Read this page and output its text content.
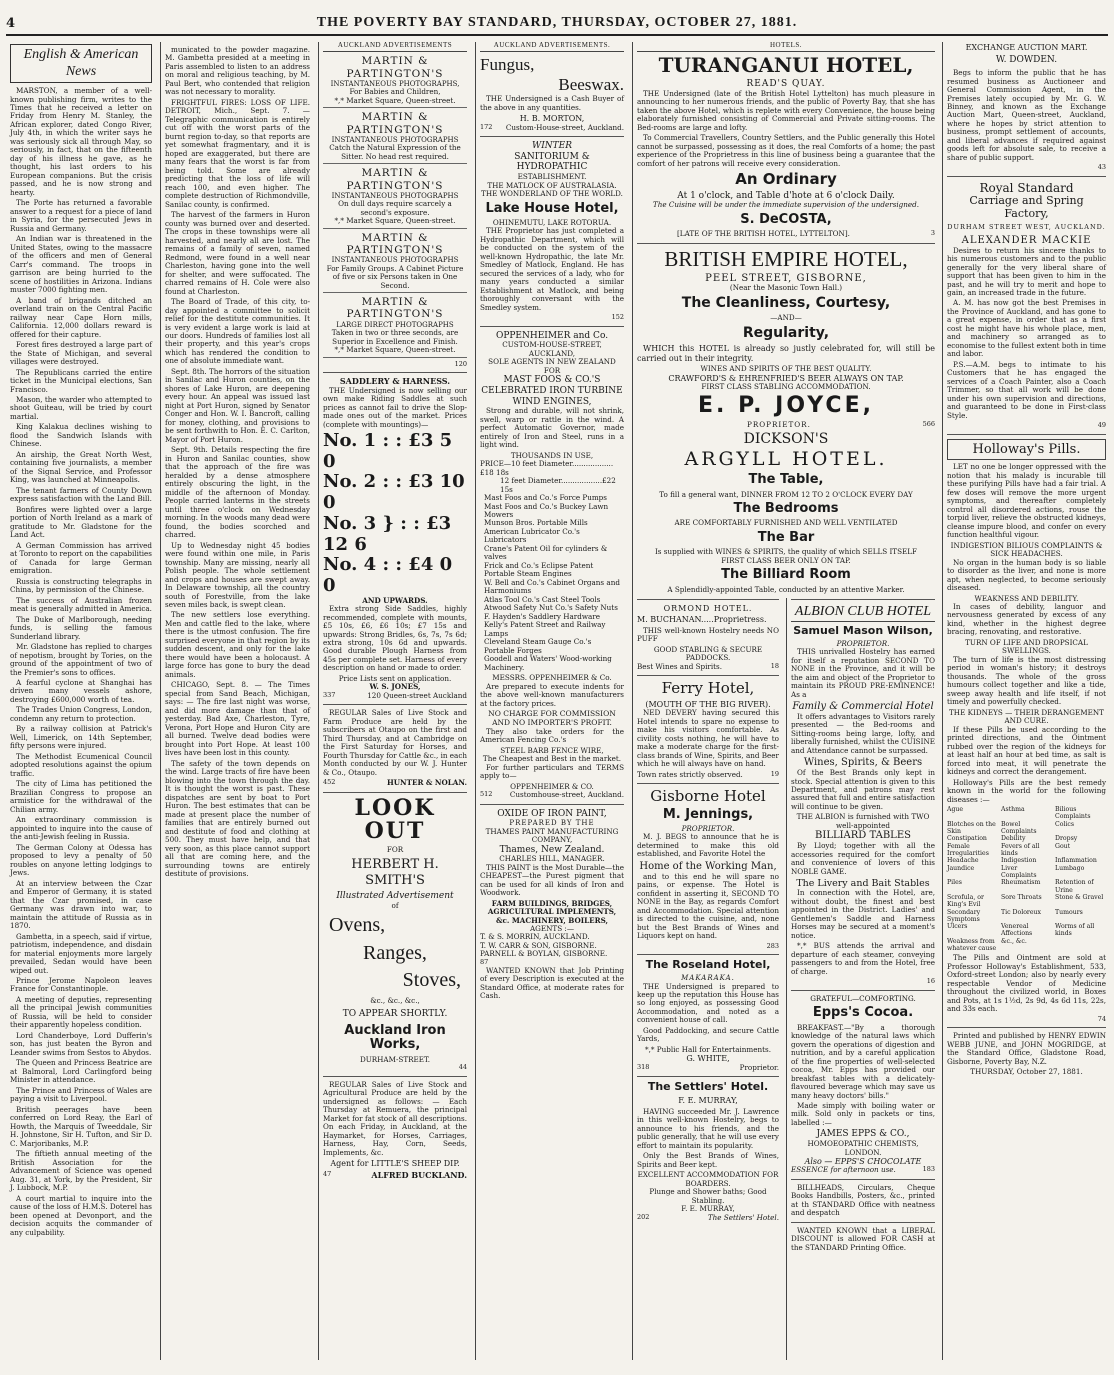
4	THE POVERTY BAY STANDARD, THURSDAY, OCTOBER 27, 1881.
English & American News

MARSTON, a member of a well-known publishing firm, writes to the Times that he received a letter on Friday from Henry M. Stanley, the African explorer, dated Congo River, July 4th, in which the writer says he was seriously sick all through May, so seriously, in fact, that on the fifteenth day of his illness he gave, as he thought, his last orders to his European companions. But the crisis passed, and he is now strong and hearty.

The Porte has returned a favorable answer to a request for a piece of land in Syria, for the persecuted Jews in Russia and Germany.

An Indian war is threatened in the United States, owing to the massacre of the officers and men of General Carr's command. The troops in garrison are being hurried to the scene of hostilities in Arizona. Indians muster 7000 fighting men.

A band of brigands ditched an overland train on the Central Pacific railway near Cape Horn mills, California. 12,000 dollars reward is offered for their capture.

Forest fires destroyed a large part of the State of Michigan, and several villages were destroyed.

The Republicans carried the entire ticket in the Municipal elections, San Francisco.

Mason, the warder who attempted to shoot Guiteau, will be tried by court martial.

King Kalakua declines wishing to flood the Sandwich Islands with Chinese.

An airship, the Great North West, containing five journalists, a member of the Signal Service, and Professor King, was launched at Minneapolis.

The tenant farmers of County Down express satisfaction with the Land Bill.

Bonfires were lighted over a large portion of North Ireland as a mark of gratitude to Mr. Gladstone for the Land Act.

A German Commission has arrived at Toronto to report on the capabilities of Canada for large German emigration.

Russia is constructing telegraphs in China, by permission of the Chinese.

The success of Australian frozen meat is generally admitted in America.

The Duke of Marlborough, needing funds, is selling the famous Sunderland library.

Mr. Gladstone has replied to charges of nepotism, brought by Tories, on the ground of the appointment of two of the Premier's sons to offices.

A fearful cyclone at Shanghai has driven many vessels ashore, destroying £600,000 worth of tea.

The Trades Union Congress, London, condemn any return to protection.

By a railway collision at Patrick's Well, Limerick, on 14th September, fifty persons were injured.

The Methodist Ecumenical Council adopted resolutions against the opium traffic.

The city of Lima has petitioned the Brazilian Congress to propose an armistice for the withdrawal of the Chilian army.

An extraordinary commission is appointed to inquire into the cause of the anti-Jewish feeling in Russia.

The German Colony at Odessa has proposed to levy a penalty of 50 roubles on anyone letting lodgings to Jews.

At an interview between the Czar and Emperor of Germany, it is stated that the Czar promised, in case Germany was drawn into war, to maintain the attitude of Russia as in 1870.

Gambetta, in a speech, said if virtue, patriotism, independence, and disdain for material enjoyments more largely prevailed, Sedan would have been wiped out.

Prince Jerome Napoleon leaves France for Constantinople.

A meeting of deputies, representing all the principal Jewish communities of Russia, will be held to consider their apparently hopeless condition.

Lord Chanderboye, Lord Dufferin's son, has just beaten the Byron and Leander swims from Sestos to Abydos.

The Queen and Princess Beatrice are at Balmoral, Lord Carlingford being Minister in attendance.

The Prince and Princess of Wales are paying a visit to Liverpool.

British peerages have been conferred on Lord Reay, the Earl of Howth, the Marquis of Tweeddale, Sir H. Johnstone, Sir H. Tufton, and Sir D. C. Marjoribanks, M.P.

The fiftieth annual meeting of the British Association for the Advancement of Science was opened Aug. 31, at York, by the President, Sir J. Lubbock, M.P.

A court martial to inquire into the cause of the loss of H.M.S. Doterel has been opened at Devonport, and the decision acquits the commander of any culpability.

municated to the powder magazine. M. Gambetta presided at a meeting in Paris assembled to listen to an address on moral and religious teaching, by M. Paul Bert, who contended that religion was not necessary to morality.

FRIGHTFUL FIRES: LOSS OF LIFE. DETROIT, Mich., Sept. 7. — Telegraphic communication is entirely cut off with the worst parts of the burnt region to-day, so that reports are yet somewhat fragmentary, and it is hoped are exaggerated, but there are many fears that the worst is far from being told. Some are already predicting that the loss of life will reach 100, and even higher. The complete destruction of Richmondville, Sanilac county, is confirmed.

The harvest of the farmers in Huron county was burned over and deserted. The crops in these townships were all harvested, and nearly all are lost. The remains of a family of seven, named Redmond, were found in a well near Charleston, having gone into the well for shelter, and were suffocated. The charred remains of H. Cole were also found at Charleston.

The Board of Trade, of this city, to-day appointed a committee to solicit relief for the destitute communities. It is very evident a large work is laid at our doors. Hundreds of families lost all their property, and this year's crops which has rendered the condition to one of absolute immediate want.

Sept. 8th. The horrors of the situation in Sanilac and Huron counties, on the shores of Lake Huron, are deepening every hour. An appeal was issued last night at Port Huron, signed by Senator Conger and Hon. W. I. Bancroft, calling for money, clothing, and provisions to be sent forthwith to Hon. E. C. Carlton, Mayor of Port Huron.

Sept. 9th. Details respecting the fire in Huron and Sanilac counties, show that the approach of the fire was heralded by a dense atmosphere entirely obscuring the light, in the middle of the afternoon of Monday. People carried lanterns in the streets until three o'clock on Wednesday morning. In the woods many dead were found, the bodies scorched and charred.

Up to Wednesday night 45 bodies were found within one mile, in Paris township. Many are missing, nearly all Polish people. The whole settlement and crops and houses are swept away. In Delaware township, all the country south of Forestville, from the lake seven miles back, is swept clean.

The new settlers lose everything. Men and cattle fled to the lake, where there is the utmost confusion. The fire surprised everyone in that region by its sudden descent, and only for the lake there would have been a holocaust. A large force has gone to bury the dead animals.

CHICAGO, Sept. 8. — The Times special from Sand Beach, Michigan, says: — The fire last night was worse, and did more damage than that of yesterday. Bad Axe, Charleston, Tyre, Verona, Port Hope and Huron City are all burned. Twelve dead bodies were brought into Port Hope. At least 100 lives have been lost in this county.

The safety of the town depends on the wind. Large tracts of fire have been blowing into the town through the day. It is thought the worst is past. These dispatches are sent by boat to Port Huron. The best estimates that can be made at present place the number of families that are entirely burned out and destitute of food and clothing at 500. They must have help, and that very soon, as this place cannot support all that are coming here, and the surrounding towns are entirely destitute of provisions.

AUCKLAND ADVERTISEMENTS
MARTIN & PARTINGTON'S
INSTANTANEOUS PHOTOGRAPHS,
For Babies and Children,
*,* Market Square, Queen-street.
MARTIN & PARTINGTON'S
INSTANTANEOUS PHOTOGRAPHS
Catch the Natural Expression of the Sitter. No head rest required.
MARTIN & PARTINGTON'S
INSTANTANEOUS PHOTOGRAPHS
On dull days require scarcely a second's exposure.
*,* Market Square, Queen-street.
MARTIN & PARTINGTON'S
INSTANTANEOUS PHOTOGRAPHS
For Family Groups. A Cabinet Picture of five or six Persons taken in One Second.
MARTIN & PARTINGTON'S
LARGE DIRECT PHOTOGRAPHS
Taken in two or three seconds, are Superior in Excellence and Finish.
*,* Market Square, Queen-street.
120
SADDLERY & HARNESS.

THE Undersigned is now selling our own make Riding Saddles at such prices as cannot fail to drive the Slop-made ones out of the market. Prices (complete with mountings)—

No. 1 : : £3 5 0
No. 2 : : £3 10 0
No. 3 } : : £3 12 6
No. 4 : : £4 0 0
AND UPWARDS.

Extra strong Side Saddles, highly recommended, complete with mounts, £5 10s, £6, £6 10s; £7 15s and upwards: Strong Bridles, 6s, 7s, 7s 6d; extra strong, 10s 6d and upwards. Good durable Plough Harness from 45s per complete set. Harness of every description on hand or made to order.

Price Lists sent on application.
W. S. JONES,
337	120 Queen-street Auckland

REGULAR Sales of Live Stock and Farm Produce are held by the subscribers at Otaupo on the first and Third Thursday, and at Cambridge on the First Saturday for Horses, and Fourth Thursday for Cattle &c., in each Month conducted by our W. J. Hunter & Co., Otaupo.

452	HUNTER & NOLAN.
LOOK OUT
FOR
HERBERT H. SMITH'S
Illustrated Advertisement
of
Ovens,
Ranges,
Stoves,
&c., &c., &c.,
TO APPEAR SHORTLY.
Auckland Iron Works,
DURHAM-STREET.
44

REGULAR Sales of Live Stock and Agricultural Produce are held by the undersigned as follows: — Each Thursday at Remuera, the principal Market for fat stock of all descriptions. On each Friday, in Auckland, at the Haymarket, for Horses, Carriages, Harness, Hay, Corn, Seeds, Implements, &c.

Agent for LITTLE'S SHEEP DIP.
47	ALFRED BUCKLAND.
AUCKLAND ADVERTISEMENTS.
Fungus,
Beeswax.

THE Undersigned is a Cash Buyer of the above in any quantities.

H. B. MORTON,
172 Custom-House-street, Auckland.
WINTER
SANITORIUM & HYDROPATHIC
ESTABLISHMENT.
THE MATLOCK OF AUSTRALASIA.
THE WONDERLAND OF THE WORLD.
Lake House Hotel,
OHINEMUTU, LAKE ROTORUA.

THE Proprietor has just completed a Hydropathic Department, which will be conducted on the system of the well-known Hydropathic, the late Mr. Smedley of Matlock, England. He has secured the services of a lady, who for many years conducted a similar Establishment at Matlock, and being thoroughly conversant with the Smedley system.

152
OPPENHEIMER and Co.
CUSTOM-HOUSE-STREET,
AUCKLAND,
SOLE AGENTS IN NEW ZEALAND FOR
MAST FOOS & CO.'S
CELEBRATED IRON TURBINE
WIND ENGINES,

Strong and durable, will not shrink, swell, warp or rattle in the wind. A perfect Automatic Governor, made entirely of Iron and Steel, runs in a light wind.

THOUSANDS IN USE,
PRICE—10 feet Diameter..................£18 18s
12 feet Diameter..................£22 15s
Mast Foos and Co.'s Force Pumps
Mast Foos and Co.'s Buckey Lawn Mowers
Munson Bros. Portable Mills
American Lubricator Co.'s Lubricators
Crane's Patent Oil for cylinders & valves
Frick and Co.'s Eclipse Patent Portable Steam Engines
W. Bell and Co.'s Cabinet Organs and Harmoniums
Atlas Tool Co.'s Cast Steel Tools
Atwood Safety Nut Co.'s Safety Nuts
F. Hayden's Saddlery Hardware
Kelly's Patent Street and Railway Lamps
Cleveland Steam Gauge Co.'s Portable Forges
Goodell and Waters' Wood-working Machinery.
MESSRS. OPPENHEIMER & Co.

Are prepared to execute indents for the above well-known manufacturers at the factory prices.

NO CHARGE FOR COMMISSION AND NO IMPORTER'S PROFIT.

They also take orders for the American Fencing Co.'s

STEEL BARB FENCE WIRE,
The Cheapest and Best in the market.

For further particulars and TERMS apply to—

OPPENHEIMER & CO.
512 Customhouse-street, Auckland.
OXIDE OF IRON PAINT,
PREPARED BY THE
THAMES PAINT MANUFACTURING COMPANY,
Thames, New Zealand.
CHARLES HILL, MANAGER.

THIS PAINT is the Most Durable—the CHEAPEST—the Purest pigment that can be used for all kinds of Iron and Woodwork.

FARM BUILDINGS, BRIDGES, AGRICULTURAL IMPLEMENTS, &c. MACHINERY, BOILERS,
AGENTS :—
T. & S. MORRIN, AUCKLAND.
T. W. CARR & SON, GISBORNE.
PARNELL & BOYLAN, GISBORNE.
87

WANTED KNOWN that Job Printing of every Description is executed at the Standard Office, at moderate rates for Cash.

HOTELS.
TURANGANUI HOTEL,
READ'S QUAY.

THE Undersigned (late of the British Hotel Lyttelton) has much pleasure in announcing to her numerous friends, and the public of Poverty Bay, that she has taken the above Hotel, which is replete with every Convenience, the house being elaborately furnished consisting of Commercial and Private sitting-rooms. The Bed-rooms are large and lofty.

To Commercial Travellers, Country Settlers, and the Public generally this Hotel cannot be surpassed, possessing as it does, the real Comforts of a home; the past experience of the Proprietress in this line of business being a guarantee that the comfort of her patrons will receive every consideration.

An Ordinary
At 1 o'clock, and Table d'hote at 6 o'clock Daily.
The Cuisine will be under the immediate supervision of the undersigned.
S. DeCOSTA,
[LATE OF THE BRITISH HOTEL, LYTTELTON].	3
BRITISH EMPIRE HOTEL,
PEEL STREET, GISBORNE,
(Near the Masonic Town Hall.)
The Cleanliness, Courtesy,
—AND—
Regularity,

WHICH this HOTEL is already so justly celebrated for, will still be carried out in their integrity.

WINES AND SPIRITS OF THE BEST QUALITY.
CRAWFORD'S & EHRENFRIED'S BEER ALWAYS ON TAP.
FIRST CLASS STABLING ACCOMMODATION.
E. P. JOYCE,
PROPRIETOR.	566
DICKSON'S
ARGYLL HOTEL.
The Table,
To fill a general want, DINNER FROM 12 TO 2 O'CLOCK EVERY DAY
The Bedrooms
ARE COMFORTABLY FURNISHED AND WELL VENTILATED
The Bar
Is supplied with WINES & SPIRITS, the quality of which SELLS ITSELF
FIRST CLASS BEER ONLY ON TAP.
The Billiard Room
A Splendidly-appointed Table, conducted by an attentive Marker.
ORMOND HOTEL.
M. BUCHANAN.....Proprietress.

THIS well-known Hostelry needs NO PUFF

GOOD STABLING & SECURE PADDOCKS.
Best Wines and Spirits.	18
Ferry Hotel,
(MOUTH OF THE BIG RIVER).

NED DEVERY having secured this Hotel intends to spare no expense to make his visitors comfortable. As civility costs nothing, he will have to make a moderate charge for the first-class brands of Wine, Spirits, and Beer which he will always have on hand.

Town rates strictly observed.	19
Gisborne Hotel
M. Jennings,
PROPRIETOR.

M. J. BEGS to announce that he is determined to make this old established, and Favorite Hotel the

Home of the Working Man,

and to this end he will spare no pains, or expense. The Hotel is confident in asserting it, SECOND TO NONE in the Bay, as regards Comfort and Accommodation. Special attention is directed to the cuisine, and, none but the Best Brands of Wines and Liquors kept on hand.

283
The Roseland Hotel,
MAKARAKA.

THE Undersigned is prepared to keep up the reputation this House has so long enjoyed, as possessing Good Accommodation, and noted as a convenient house of call.

Good Paddocking, and secure Cattle Yards,

*,* Public Hall for Entertainments.
G. WHITE,
318	Proprietor.
The Settlers' Hotel.
F. E. MURRAY,

HAVING succeeded Mr. J. Lawrence in this well-known Hostelry, begs to announce to his friends, and the public generally, that he will use every effort to maintain its popularity.

Only the Best Brands of Wines, Spirits and Beer kept.

EXCELLENT ACCOMMODATION FOR BOARDERS.
Plunge and Shower baths; Good Stabling.
F. E. MURRAY,
202	The Settlers' Hotel.
ALBION CLUB HOTEL
Samuel Mason Wilson,
PROPRIETOR.

THIS unrivalled Hostelry has earned for itself a reputation SECOND TO NONE in the Province, and it will be the aim and object of the Proprietor to maintain its PROUD PRE-EMINENCE! As a

Family & Commercial Hotel

It offers advantages to Visitors rarely presented — the Bed-rooms and Sitting-rooms being large, lofty, and liberally furnished, whilst the CUISINE and Attendance cannot be surpassed.

Wines, Spirits, & Beers

Of the Best Brands only kept in stock. Special attention is given to this Department, and patrons may rest assured that full and entire satisfaction will continue to be given.

THE ALBION is furnished with TWO well-appointed
BILLIARD TABLES

By Lloyd; together with all the accessories required for the comfort and convenience of lovers of this NOBLE GAME.

The Livery and Bait Stables

In connection with the Hotel, are, without doubt, the finest and best appointed in the District. Ladies' and Gentlemen's Saddle and Harness Horses may be secured at a moment's notice.

*,* BUS attends the arrival and departure of each steamer, conveying passengers to and from the Hotel, free of charge.

16
GRATEFUL—COMFORTING.
Epps's Cocoa.

BREAKFAST.—"By a thorough knowledge of the natural laws which govern the operations of digestion and nutrition, and by a careful application of the fine properties of well-selected cocoa, Mr. Epps has provided our breakfast tables with a delicately-flavoured beverage which may save us many heavy doctors' bills."

Made simply with boiling water or milk. Sold only in packets or tins, labelled :—

JAMES EPPS & CO.,
HOMOEOPATHIC CHEMISTS,
LONDON.
Also — EPPS'S CHOCOLATE
ESSENCE for afternoon use.	183

BILLHEADS, Circulars, Cheque Books Handbills, Posters, &c., printed at th STANDARD Office with neatness and despatch

WANTED KNOWN that a LIBERAL DISCOUNT is allowed FOR CASH at the STANDARD Printing Office.

EXCHANGE AUCTION MART.
W. DOWDEN.

Begs to inform the public that he has resumed business as Auctioneer and General Commission Agent, in the Premises lately occupied by Mr. G. W. Binney, and known as the Exchange Auction Mart, Queen-street, Auckland, where he hopes by strict attention to business, prompt settlement of accounts, and liberal advances if required against goods left for absolute sale, to receive a share of public support.

43
Royal Standard
Carriage and Spring Factory,
DURHAM STREET WEST, AUCKLAND.
ALEXANDER MACKIE

Desires to return his sincere thanks to his numerous customers and to the public generally for the very liberal share of support that has been given to him in the past, and he will try to merit and hope to gain, an increased trade in the future.

A. M. has now got the best Premises in the Province of Auckland, and has gone to a great expense, in order that as a first cost he might have his whole place, men, and machinery so arranged as to economise to the fullest extent both in time and labor.

P.S.—A.M. begs to intimate to his Customers that he has engaged the services of a Coach Painter, also a Coach Trimmer, so that all work will be done under his own supervision and directions, and guaranteed to be done in First-class Style.

49
Holloway's Pills.

LET no one be longer oppressed with the notion that his malady is incurable till these purifying Pills have had a fair trial. A few doses will remove the more urgent symptoms, and thereafter completely control all disordered actions, rouse the torpid liver, relieve the obstructed kidneys, cleanse impure blood, and confer on every function healthful vigour.

INDIGESTION BILIOUS COMPLAINTS & SICK HEADACHES.

No organ in the human body is so liable to disorder as the liver, and none is more apt, when neglected, to become seriously diseased.

WEAKNESS AND DEBILITY.

In cases of debility, languor and nervousness generated by excess of any kind, whether in the highest degree bracing, renovating, and restorative.

TURN OF LIFE AND DROPSICAL SWELLINGS.

The turn of life is the most distressing period in woman's history; it destroys thousands. The whole of the gross humours collect together and like a tide, sweep away health and life itself, if not timely and powerfully checked.

THE KIDNEYS — THEIR DERANGEMENT AND CURE.

If these Pills be used according to the printed directions, and the Ointment rubbed over the region of the kidneys for at least half an hour at bed time, as salt is forced into meat, it will penetrate the kidneys and correct the derangement.

Holloway's Pills are the best remedy known in the world for the following diseases :—

Ague	Asthma	Bilious Complaints
Blotches on the Skin
Bowel Complaints
Colics
Constipation	Debility	Dropsy
Female Irregularities
Fevers of all kinds
Gout
Headache	Indigestion	Inflammation
Jaundice	Liver Complaints
Lumbago
Piles	Rheumatism	Retention of Urine
Scrofula, or King's Evil
Sore Throats	Stone & Gravel
Secondary Symptoms
Tic Doloreux	Tumours
Ulcers	Venereal Affections
Worms of all kinds
Weakness from whatever cause
&c., &c.

The Pills and Ointment are sold at Professor Holloway's Establishment, 533, Oxford-street London; also by nearly every respectable Vendor of Medicine throughout the civilized world, in Boxes and Pots, at 1s 1½d, 2s 9d, 4s 6d 11s, 22s, and 33s each.

74

Printed and published by HENRY EDWIN WEBB JUNE, and JOHN MOGRIDGE, at the Standard Office, Gladstone Road, Gisborne, Poverty Bay, N.Z.

THURSDAY, October 27, 1881.
